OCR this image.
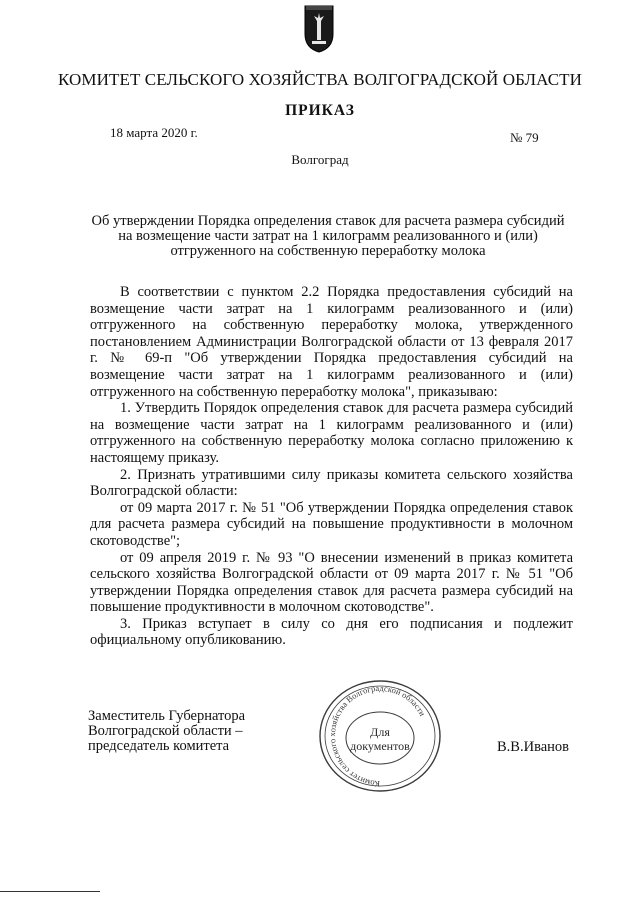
КОМИТЕТ СЕЛЬСКОГО ХОЗЯЙСТВА ВОЛГОГРАДСКОЙ ОБЛАСТИ
ПРИКАЗ
18 марта 2020 г.	№ 79
Волгоград
Об утверждении Порядка определения ставок для расчета размера субсидий на возмещение части затрат на 1 килограмм реализованного и (или) отгруженного на собственную переработку молока

В соответствии с пунктом 2.2 Порядка предоставления субсидий на возмещение части затрат на 1 килограмм реализованного и (или) отгруженного на собственную переработку молока, утвержденного постановлением Администрации Волгоградской области от 13 февраля 2017 г. № 69-п "Об утверждении Порядка предоставления субсидий на возмещение части затрат на 1 килограмм реализованного и (или) отгруженного на собственную переработку молока", приказываю:

1. Утвердить Порядок определения ставок для расчета размера субсидий на возмещение части затрат на 1 килограмм реализованного и (или) отгруженного на собственную переработку молока согласно приложению к настоящему приказу.

2. Признать утратившими силу приказы комитета сельского хозяйства Волгоградской области:

от 09 марта 2017 г. № 51 "Об утверждении Порядка определения ставок для расчета размера субсидий на повышение продуктивности в молочном скотоводстве";

от 09 апреля 2019 г. № 93 "О внесении изменений в приказ комитета сельского хозяйства Волгоградской области от 09 марта 2017 г. № 51 "Об утверждении Порядка определения ставок для расчета размера субсидий на повышение продуктивности в молочном скотоводстве".

3. Приказ вступает в силу со дня его подписания и подлежит официальному опубликованию.

Заместитель Губернатора
Волгоградской области –
председатель комитета
Комитет сельского хозяйства Волгоградской области
Для
документов	В.В.Иванов
